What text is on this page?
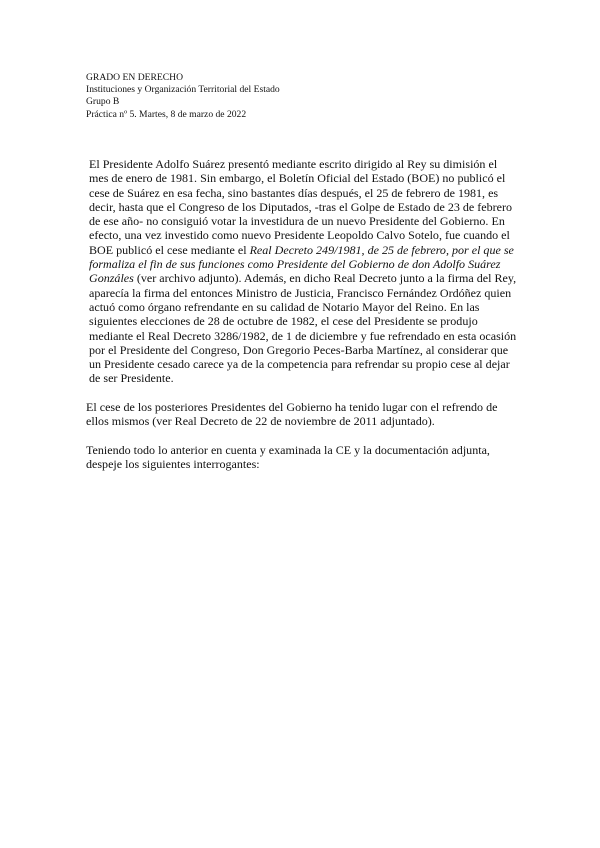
GRADO EN DERECHO
Instituciones y Organización Territorial del Estado
Grupo B
Práctica nº 5. Martes, 8 de marzo de 2022

El Presidente Adolfo Suárez presentó mediante escrito dirigido al Rey su dimisión el
mes de enero de 1981. Sin embargo, el Boletín Oficial del Estado (BOE) no publicó el
cese de Suárez en esa fecha, sino bastantes días después, el 25 de febrero de 1981, es
decir, hasta que el Congreso de los Diputados, -tras el Golpe de Estado de 23 de febrero
de ese año- no consiguió votar la investidura de un nuevo Presidente del Gobierno. En
efecto, una vez investido como nuevo Presidente Leopoldo Calvo Sotelo, fue cuando el
BOE publicó el cese mediante el Real Decreto 249/1981, de 25 de febrero, por el que se
formaliza el fin de sus funciones como Presidente del Gobierno de don Adolfo Suárez
Gonzáles (ver archivo adjunto). Además, en dicho Real Decreto junto a la firma del Rey,
aparecía la firma del entonces Ministro de Justicia, Francisco Fernández Ordóñez quien
actuó como órgano refrendante en su calidad de Notario Mayor del Reino. En las
siguientes elecciones de 28 de octubre de 1982, el cese del Presidente se produjo
mediante el Real Decreto 3286/1982, de 1 de diciembre y fue refrendado en esta ocasión
por el Presidente del Congreso, Don Gregorio Peces-Barba Martínez, al considerar que
un Presidente cesado carece ya de la competencia para refrendar su propio cese al dejar
de ser Presidente.

El cese de los posteriores Presidentes del Gobierno ha tenido lugar con el refrendo de
ellos mismos (ver Real Decreto de 22 de noviembre de 2011 adjuntado).

Teniendo todo lo anterior en cuenta y examinada la CE y la documentación adjunta,
despeje los siguientes interrogantes:
